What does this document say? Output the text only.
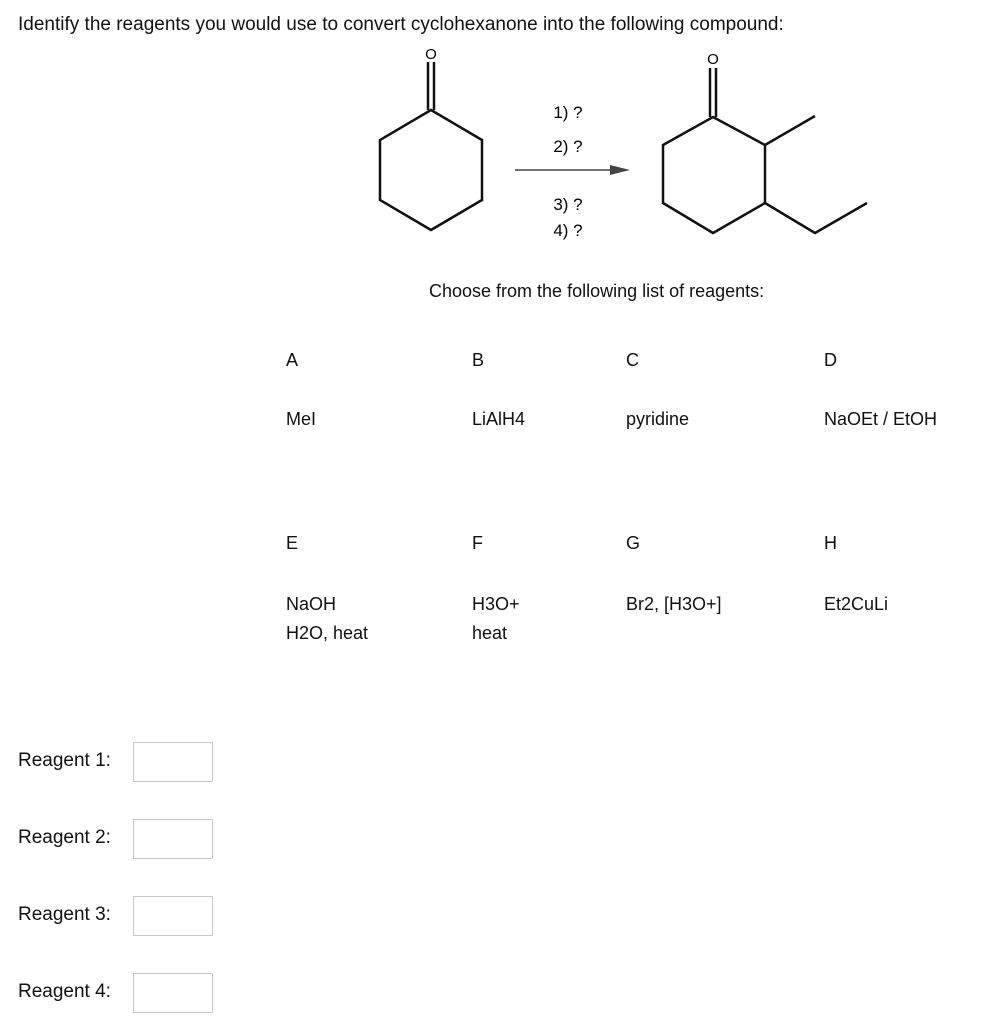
Identify the reagents you would use to convert cyclohexanone into the following compound:
O
1) ?
2) ?
3) ?
4) ?
O
Choose from the following list of reagents:
A
MeI
B
LiAlH4
C
pyridine
D
NaOEt / EtOH
E
NaOH
H2O, heat
F
H3O+
heat
G
Br2, [H3O+]
H
Et2CuLi
Reagent 1:
Reagent 2:
Reagent 3:
Reagent 4:
